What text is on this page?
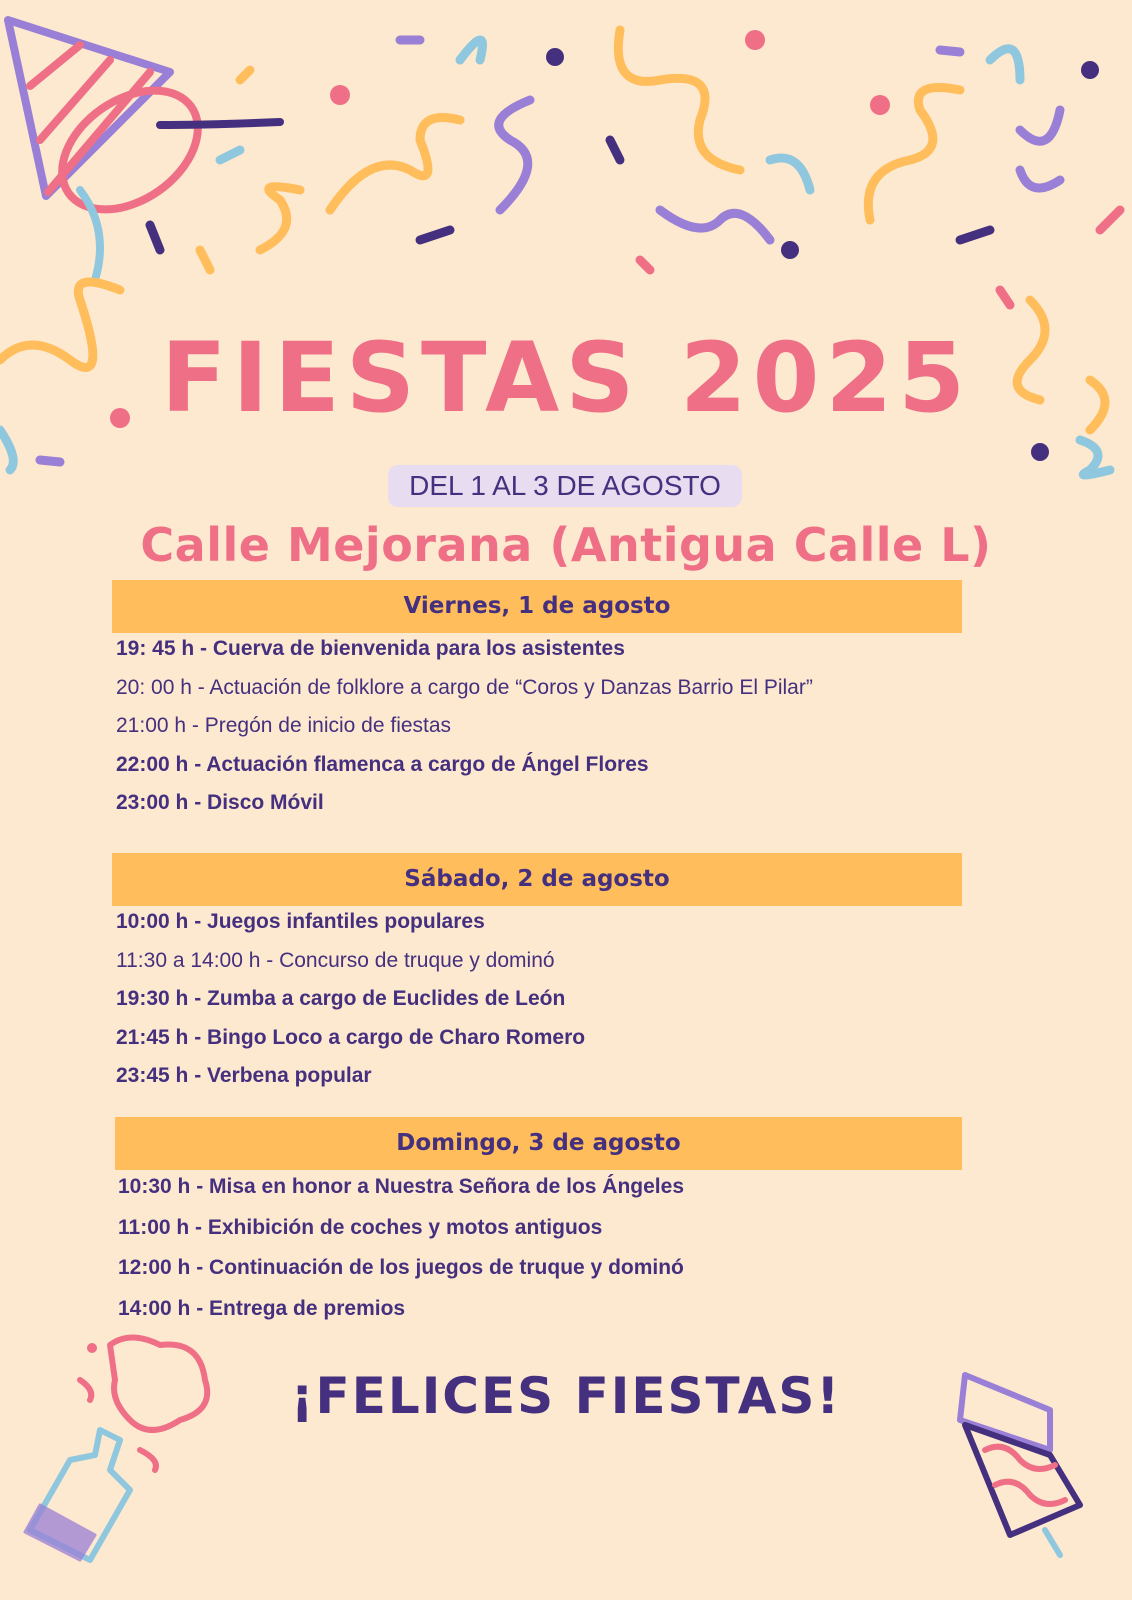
FIESTAS 2025
DEL 1 AL 3 DE AGOSTO
Calle Mejorana (Antigua Calle L)
Viernes, 1 de agosto
19: 45 h - Cuerva de bienvenida para los asistentes
20: 00 h - Actuación de folklore a cargo de “Coros y Danzas Barrio El Pilar”
21:00 h - Pregón de inicio de fiestas
22:00 h - Actuación flamenca a cargo de Ángel Flores
23:00 h - Disco Móvil
Sábado, 2 de agosto
10:00 h - Juegos infantiles populares
11:30 a 14:00 h - Concurso de truque y dominó
19:30 h - Zumba a cargo de Euclides de León
21:45 h - Bingo Loco a cargo de Charo Romero
23:45 h - Verbena popular
Domingo, 3 de agosto
10:30 h - Misa en honor a Nuestra Señora de los Ángeles
11:00 h - Exhibición de coches y motos antiguos
12:00 h - Continuación de los juegos de truque y dominó
14:00 h - Entrega de premios
¡FELICES FIESTAS!
